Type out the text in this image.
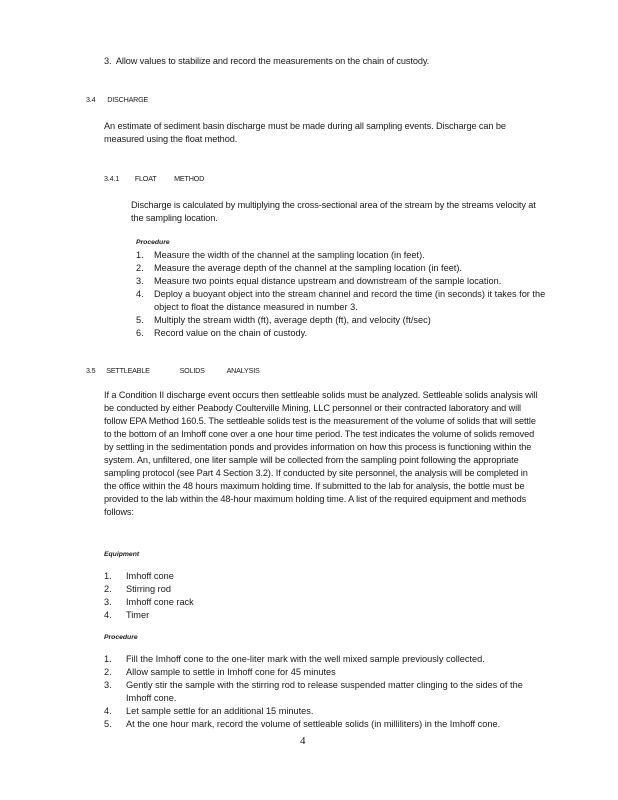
3. Allow values to stabilize and record the measurements on the chain of custody.
3.4 DISCHARGE
An estimate of sediment basin discharge must be made during all sampling events. Discharge can be measured using the float method.
3.4.1 FLOAT METHOD
Discharge is calculated by multiplying the cross-sectional area of the stream by the streams velocity at the sampling location.
Procedure
1. Measure the width of the channel at the sampling location (in feet).
2. Measure the average depth of the channel at the sampling location (in feet).
3. Measure two points equal distance upstream and downstream of the sample location.
4. Deploy a buoyant object into the stream channel and record the time (in seconds) it takes for the object to float the distance measured in number 3.
5. Multiply the stream width (ft), average depth (ft), and velocity (ft/sec)
6. Record value on the chain of custody.
3.5 SETTLEABLE	SOLIDS	ANALYSIS
If a Condition II discharge event occurs then settleable solids must be analyzed. Settleable solids analysis will be conducted by either Peabody Coulterville Mining, LLC personnel or their contracted laboratory and will follow EPA Method 160.5. The settleable solids test is the measurement of the volume of solids that will settle to the bottom of an Imhoff cone over a one hour time period. The test indicates the volume of solids removed by settling in the sedimentation ponds and provides information on how this process is functioning within the system. An, unfiltered, one liter sample will be collected from the sampling point following the appropriate sampling protocol (see Part 4 Section 3.2). If conducted by site personnel, the analysis will be completed in the office within the 48 hours maximum holding time. If submitted to the lab for analysis, the bottle must be provided to the lab within the 48-hour maximum holding time. A list of the required equipment and methods follows:
Equipment
1. Imhoff cone
2. Stirring rod
3. Imhoff cone rack
4. Timer
Procedure
1. Fill the Imhoff cone to the one-liter mark with the well mixed sample previously collected.
2. Allow sample to settle in Imhoff cone for 45 minutes
3. Gently stir the sample with the stirring rod to release suspended matter clinging to the sides of the Imhoff cone.
4. Let sample settle for an additional 15 minutes.
5. At the one hour mark, record the volume of settleable solids (in milliliters) in the Imhoff cone.
4
